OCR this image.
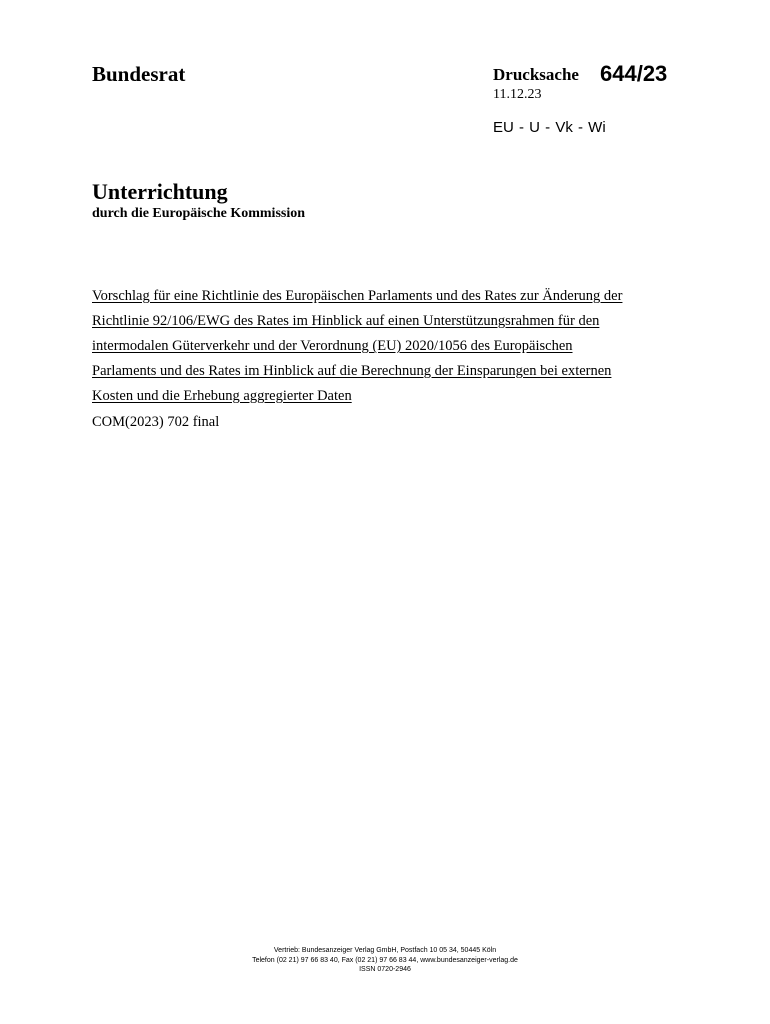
Bundesrat	Drucksache 644/23
11.12.23
EU - U - Vk - Wi
Unterrichtung
durch die Europäische Kommission
Vorschlag für eine Richtlinie des Europäischen Parlaments und des Rates zur Änderung der
Richtlinie 92/106/EWG des Rates im Hinblick auf einen Unterstützungsrahmen für den
intermodalen Güterverkehr und der Verordnung (EU) 2020/1056 des Europäischen
Parlaments und des Rates im Hinblick auf die Berechnung der Einsparungen bei externen
Kosten und die Erhebung aggregierter Daten
COM(2023) 702 final
Vertrieb: Bundesanzeiger Verlag GmbH, Postfach 10 05 34, 50445 Köln
Telefon (02 21) 97 66 83 40, Fax (02 21) 97 66 83 44, www.bundesanzeiger-verlag.de
ISSN 0720-2946
